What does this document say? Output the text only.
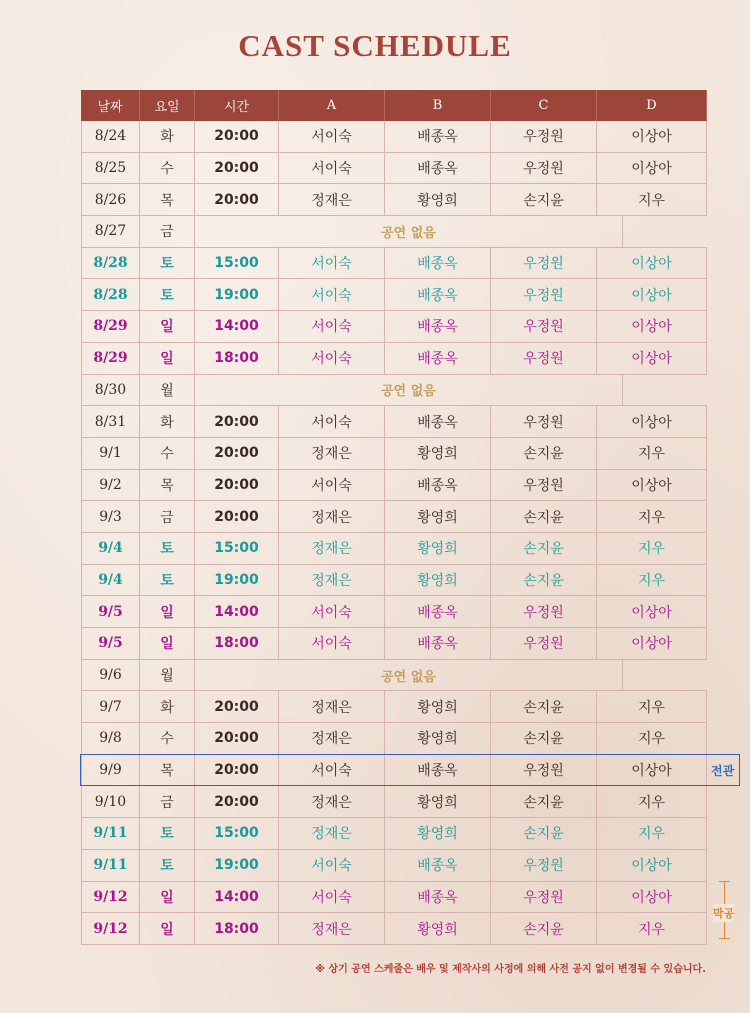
CAST SCHEDULE
날짜	요일	시간	A	B	C	D
8/24	화	20:00	서이숙	배종옥	우정원	이상아
8/25	수	20:00	서이숙	배종옥	우정원	이상아
8/26	목	20:00	정재은	황영희	손지윤	지우
8/27	금	공연 없음
8/28	토	15:00	서이숙	배종옥	우정원	이상아
8/28	토	19:00	서이숙	배종옥	우정원	이상아
8/29	일	14:00	서이숙	배종옥	우정원	이상아
8/29	일	18:00	서이숙	배종옥	우정원	이상아
8/30	월	공연 없음
8/31	화	20:00	서이숙	배종옥	우정원	이상아
9/1	수	20:00	정재은	황영희	손지윤	지우
9/2	목	20:00	서이숙	배종옥	우정원	이상아
9/3	금	20:00	정재은	황영희	손지윤	지우
9/4	토	15:00	정재은	황영희	손지윤	지우
9/4	토	19:00	정재은	황영희	손지윤	지우
9/5	일	14:00	서이숙	배종옥	우정원	이상아
9/5	일	18:00	서이숙	배종옥	우정원	이상아
9/6	월	공연 없음
9/7	화	20:00	정재은	황영희	손지윤	지우
9/8	수	20:00	정재은	황영희	손지윤	지우
9/9	목	20:00	서이숙	배종옥	우정원	이상아
9/10	금	20:00	정재은	황영희	손지윤	지우
9/11	토	15:00	정재은	황영희	손지윤	지우
9/11	토	19:00	서이숙	배종옥	우정원	이상아
9/12	일	14:00	서이숙	배종옥	우정원	이상아
9/12	일	18:00	정재은	황영희	손지윤	지우
전관
막공
※ 상기 공연 스케줄은 배우 및 제작사의 사정에 의해 사전 공지 없이 변경될 수 있습니다.
